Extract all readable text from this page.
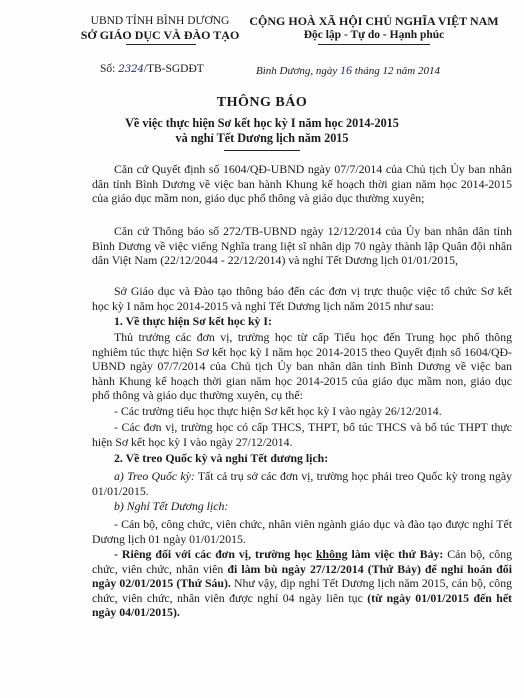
UBND TỈNH BÌNH DƯƠNG
SỞ GIÁO DỤC VÀ ĐÀO TẠO
CỘNG HOÀ XÃ HỘI CHỦ NGHĨA VIỆT NAM
Độc lập - Tự do - Hạnh phúc
Số: 2324/TB-SGDĐT	Bình Dương, ngày 16 tháng 12 năm 2014
THÔNG BÁO
Về việc thực hiện Sơ kết học kỳ I năm học 2014-2015
và nghỉ Tết Dương lịch năm 2015

Căn cứ Quyết định số 1604/QĐ-UBND ngày 07/7/2014 của Chủ tịch Ủy ban nhân dân tỉnh Bình Dương về việc ban hành Khung kế hoạch thời gian năm học 2014-2015 của giáo dục mầm non, giáo dục phổ thông và giáo dục thường xuyên;

Căn cứ Thông báo số 272/TB-UBND ngày 12/12/2014 của Ủy ban nhân dân tỉnh Bình Dương về việc viếng Nghĩa trang liệt sĩ nhân dịp 70 ngày thành lập Quân đội nhân dân Việt Nam (22/12/2044 - 22/12/2014) và nghỉ Tết Dương lịch 01/01/2015,

Sở Giáo dục và Đào tạo thông báo đến các đơn vị trực thuộc việc tổ chức Sơ kết học kỳ I năm học 2014-2015 và nghỉ Tết Dương lịch năm 2015 như sau:

1. Về thực hiện Sơ kết học kỳ I:

Thủ trưởng các đơn vị, trường học từ cấp Tiểu học đến Trung học phổ thông nghiêm túc thực hiện Sơ kết học kỳ I năm học 2014-2015 theo Quyết định số 1604/QĐ-UBND ngày 07/7/2014 của Chủ tịch Ủy ban nhân dân tỉnh Bình Dương về việc ban hành Khung kế hoạch thời gian năm học 2014-2015 của giáo dục mầm non, giáo dục phổ thông và giáo dục thường xuyên, cụ thể:

- Các trường tiểu học thực hiện Sơ kết học kỳ I vào ngày 26/12/2014.

- Các đơn vị, trường học có cấp THCS, THPT, bổ túc THCS và bổ túc THPT thực hiện Sơ kết học kỳ I vào ngày 27/12/2014.

2. Về treo Quốc kỳ và nghỉ Tết dương lịch:

a) Treo Quốc kỳ: Tất cả trụ sở các đơn vị, trường học phải treo Quốc kỳ trong ngày 01/01/2015.

b) Nghỉ Tết Dương lịch:

- Cán bộ, công chức, viên chức, nhân viên ngành giáo dục và đào tạo được nghỉ Tết Dương lịch 01 ngày 01/01/2015.

- Riêng đối với các đơn vị, trường học không làm việc thứ Bảy: Cán bộ, công chức, viên chức, nhân viên đi làm bù ngày 27/12/2014 (Thứ Bảy) để nghỉ hoán đổi ngày 02/01/2015 (Thứ Sáu). Như vậy, dịp nghỉ Tết Dương lịch năm 2015, cán bộ, công chức, viên chức, nhân viên được nghỉ 04 ngày liên tục (từ ngày 01/01/2015 đến hết ngày 04/01/2015).
